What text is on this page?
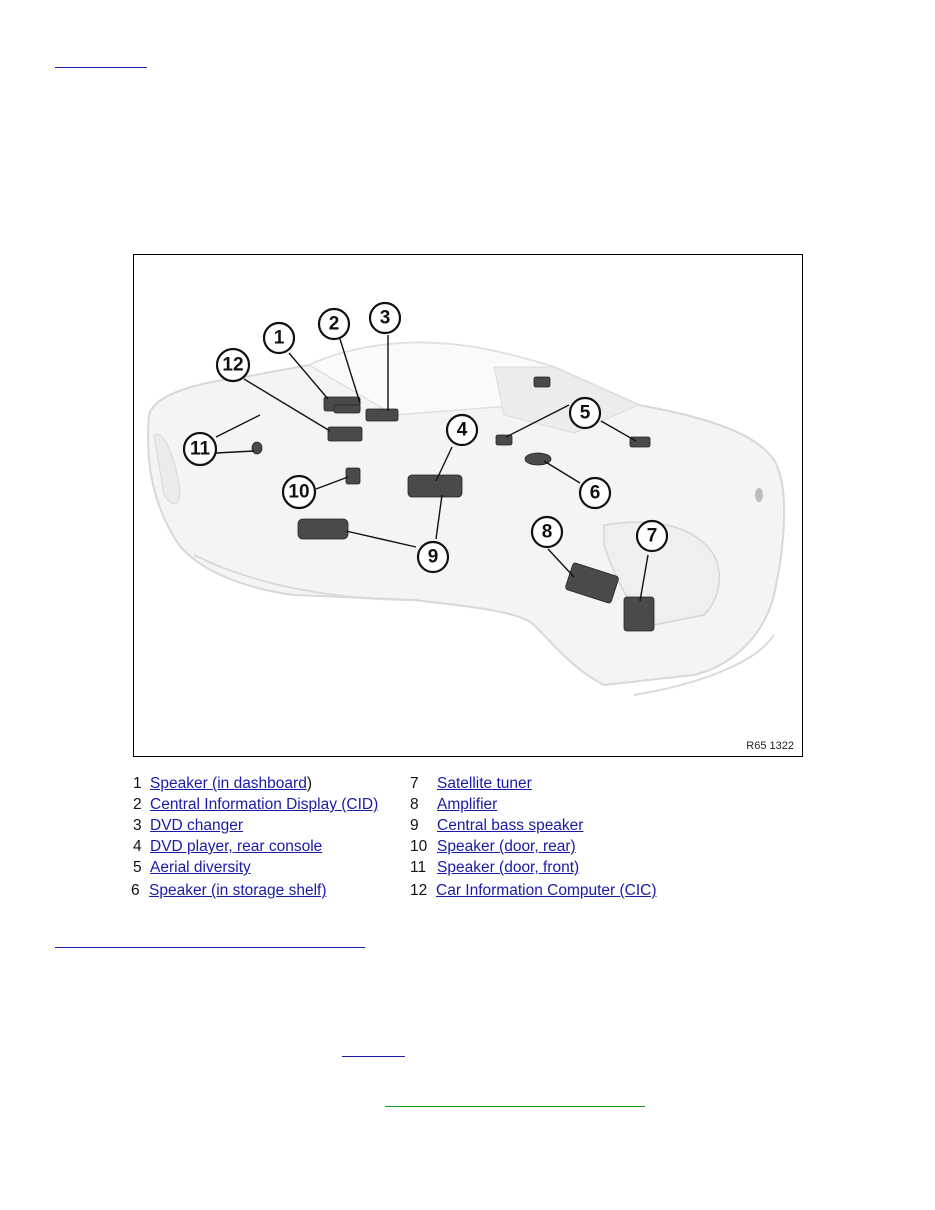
1
2 3
4
5
6
7
8
9
10
11
12
R65 1322
1 Speaker (in dashboard)
2 Central Information Display (CID)
3 DVD changer
4 DVD player, rear console
5 Aerial diversity
6 Speaker (in storage shelf)
7 Satellite tuner
8 Amplifier
9 Central bass speaker
10 Speaker (door, rear)
11 Speaker (door, front)
12 Car Information Computer (CIC)
